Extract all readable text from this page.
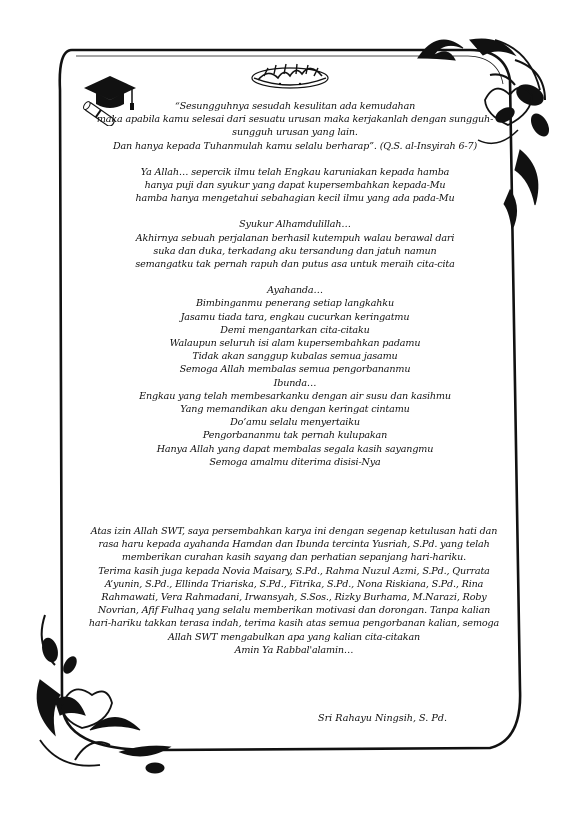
“Sesungguhnya sesudah kesulitan ada kemudahan
maka apabila kamu selesai dari sesuatu urusan maka kerjakanlah dengan sungguh-
sungguh urusan yang lain.
Dan hanya kepada Tuhanmulah kamu selalu berharap”. (Q.S. al-Insyirah 6-7)
Ya Allah… sepercik ilmu telah Engkau karuniakan kepada hamba
hanya puji dan syukur yang dapat kupersembahkan kepada-Mu
hamba hanya mengetahui sebahagian kecil ilmu yang ada pada-Mu
Syukur Alhamdulillah…
Akhirnya sebuah perjalanan berhasil kutempuh walau berawal dari
suka dan duka, terkadang aku tersandung dan jatuh namun
semangatku tak pernah rapuh dan putus asa untuk meraih cita-cita
Ayahanda…
Bimbinganmu penerang setiap langkahku
Jasamu tiada tara, engkau cucurkan keringatmu
Demi mengantarkan cita-citaku
Walaupun seluruh isi alam kupersembahkan padamu
Tidak akan sanggup kubalas semua jasamu
Semoga Allah membalas semua pengorbananmu
Ibunda…
Engkau yang telah membesarkanku dengan air susu dan kasihmu
Yang memandikan aku dengan keringat cintamu
Do’amu selalu menyertaiku
Pengorbananmu tak pernah kulupakan
Hanya Allah yang dapat membalas segala kasih sayangmu
Semoga amalmu diterima disisi-Nya
Atas izin Allah SWT, saya persembahkan karya ini dengan segenap ketulusan hati dan
rasa haru kepada ayahanda Hamdan dan Ibunda tercinta Yusriah, S.Pd. yang telah
memberikan curahan kasih sayang dan perhatian sepanjang hari-hariku.
Terima kasih juga kepada Novia Maisary, S.Pd., Rahma Nuzul Azmi, S.Pd., Qurrata
A’yunin, S.Pd., Ellinda Triariska, S.Pd., Fitrika, S.Pd., Nona Riskiana, S.Pd., Rina
Rahmawati, Vera Rahmadani, Irwansyah, S.Sos., Rizky Burhama, M.Narazi, Roby
Novrian, Afif Fulhaq yang selalu memberikan motivasi dan dorongan. Tanpa kalian
hari-hariku takkan terasa indah, terima kasih atas semua pengorbanan kalian, semoga
Allah SWT mengabulkan apa yang kalian cita-citakan
Amin Ya Rabbal'alamin…
Sri Rahayu Ningsih, S. Pd.
